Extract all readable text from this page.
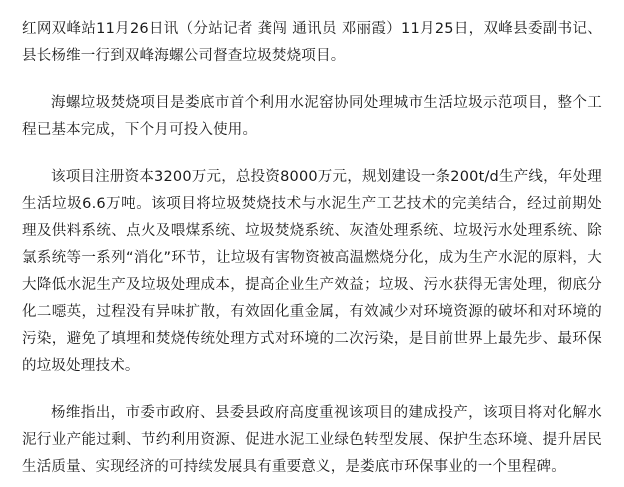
红网双峰站11月26日讯（分站记者 龚闯 通讯员 邓丽霞）11月25日，双峰县委副书记、县长杨维一行到双峰海螺公司督查垃圾焚烧项目。

海螺垃圾焚烧项目是娄底市首个利用水泥窑协同处理城市生活垃圾示范项目，整个工程已基本完成，下个月可投入使用。

该项目注册资本3200万元，总投资8000万元，规划建设一条200t/d生产线，年处理生活垃圾6.6万吨。该项目将垃圾焚烧技术与水泥生产工艺技术的完美结合，经过前期处理及供料系统、点火及喂煤系统、垃圾焚烧系统、灰渣处理系统、垃圾污水处理系统、除氯系统等一系列“消化”环节，让垃圾有害物资被高温燃烧分化，成为生产水泥的原料，大大降低水泥生产及垃圾处理成本，提高企业生产效益；垃圾、污水获得无害处理，彻底分化二噁英，过程没有异味扩散，有效固化重金属，有效减少对环境资源的破坏和对环境的污染，避免了填埋和焚烧传统处理方式对环境的二次污染，是目前世界上最先步、最环保的垃圾处理技术。

杨维指出，市委市政府、县委县政府高度重视该项目的建成投产，该项目将对化解水泥行业产能过剩、节约利用资源、促进水泥工业绿色转型发展、保护生态环境、提升居民生活质量、实现经济的可持续发展具有重要意义，是娄底市环保事业的一个里程碑。
